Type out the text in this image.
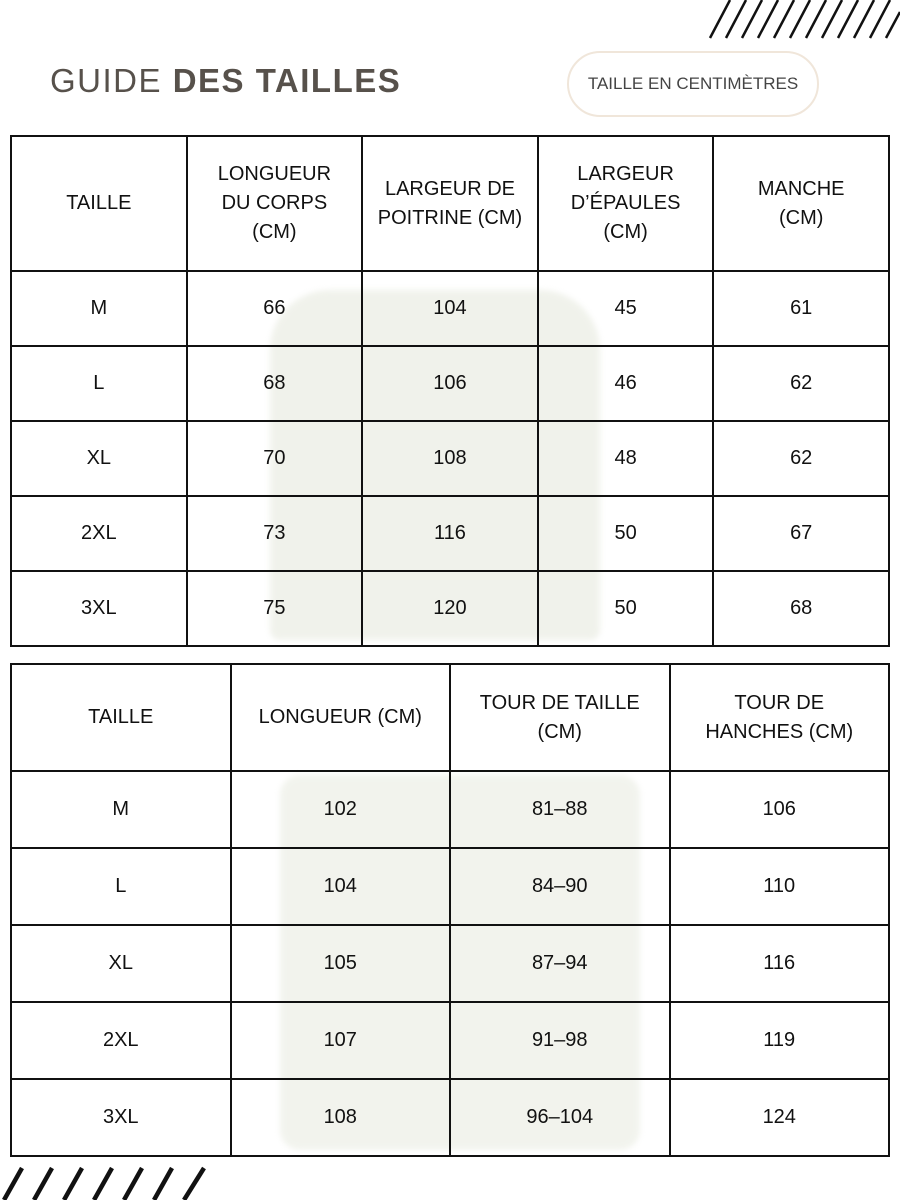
GUIDE DES TAILLES	TAILLE EN CENTIMÈTRES
TAILLE	LONGUEUR DU CORPS (CM)	LARGEUR DE POITRINE (CM)	LARGEUR D’ÉPAULES (CM)	MANCHE (CM)
M	66	104	45	61
L	68	106	46	62
XL	70	108	48	62
2XL	73	116	50	67
3XL	75	120	50	68
TAILLE	LONGUEUR (CM)	TOUR DE TAILLE (CM)	TOUR DE HANCHES (CM)
M	102	81–88	106
L	104	84–90	110
XL	105	87–94	116
2XL	107	91–98	119
3XL	108	96–104	124
